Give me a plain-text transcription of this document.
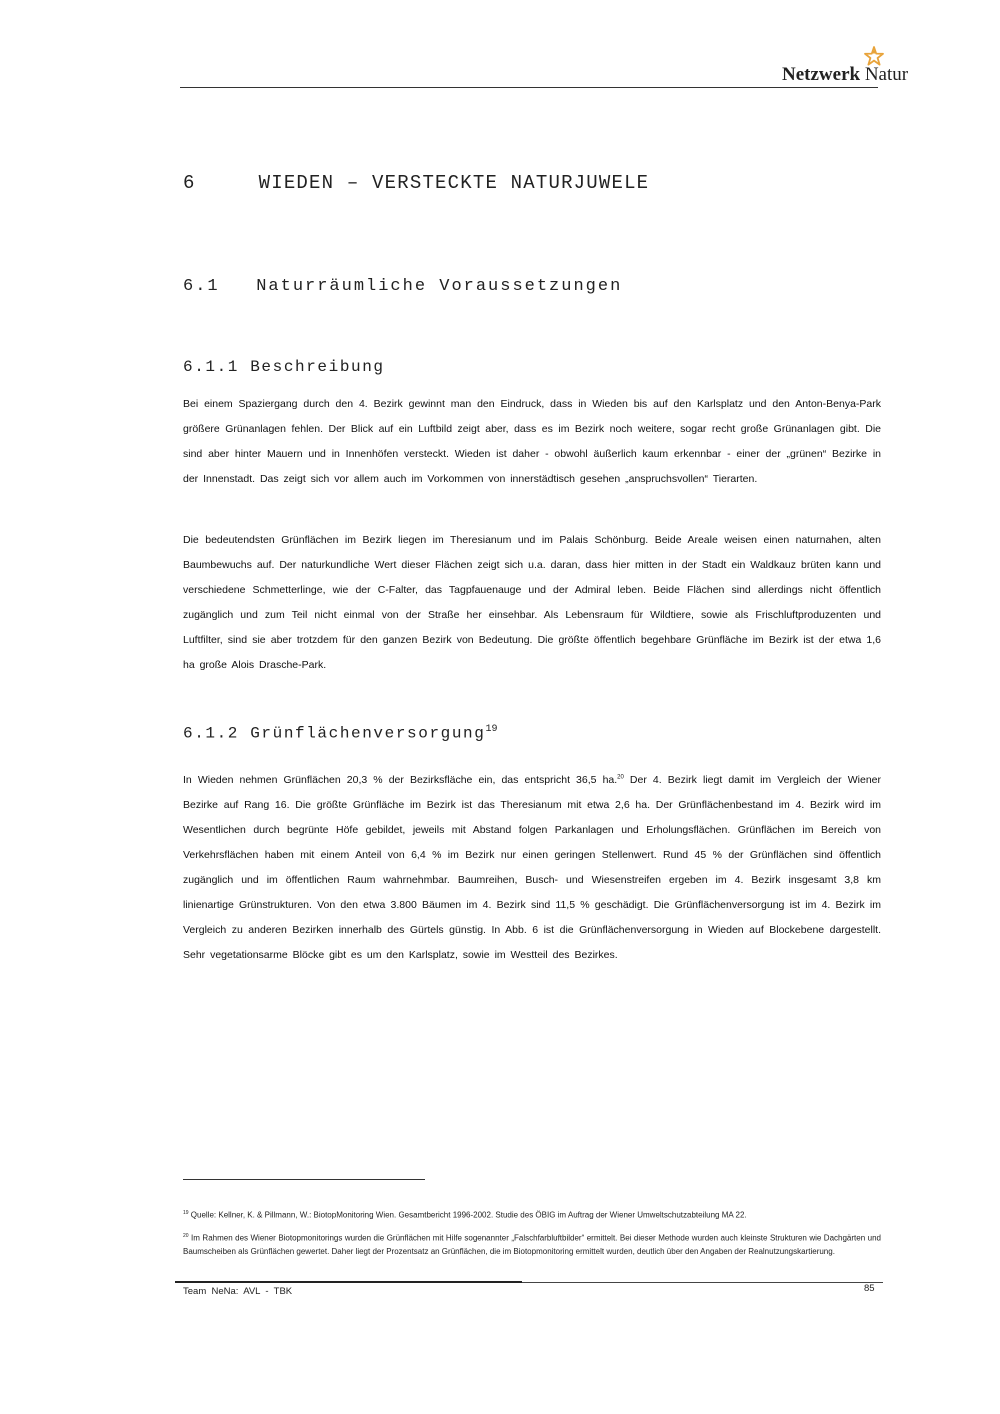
Netzwerk Natur
6	WIEDEN – VERSTECKTE NATURJUWELE
6.1 Naturräumliche Voraussetzungen
6.1.1 Beschreibung

Bei einem Spaziergang durch den 4. Bezirk gewinnt man den Eindruck, dass in Wieden bis auf den Karlsplatz und den Anton-Benya-Park größere Grünanlagen fehlen. Der Blick auf ein Luftbild zeigt aber, dass es im Bezirk noch weitere, sogar recht große Grünanlagen gibt. Die sind aber hinter Mauern und in Innenhöfen versteckt. Wieden ist daher - obwohl äußerlich kaum erkennbar - einer der „grünen“ Bezirke in der Innenstadt. Das zeigt sich vor allem auch im Vorkommen von innerstädtisch gesehen „anspruchsvollen“ Tierarten.

Die bedeutendsten Grünflächen im Bezirk liegen im Theresianum und im Palais Schönburg. Beide Areale weisen einen naturnahen, alten Baumbewuchs auf. Der naturkundliche Wert dieser Flächen zeigt sich u.a. daran, dass hier mitten in der Stadt ein Waldkauz brüten kann und verschiedene Schmetterlinge, wie der C-Falter, das Tagpfauenauge und der Admiral leben. Beide Flächen sind allerdings nicht öffentlich zugänglich und zum Teil nicht einmal von der Straße her einsehbar. Als Lebensraum für Wildtiere, sowie als Frischluftproduzenten und Luftfilter, sind sie aber trotzdem für den ganzen Bezirk von Bedeutung. Die größte öffentlich begehbare Grünfläche im Bezirk ist der etwa 1,6 ha große Alois Drasche-Park.

6.1.2 Grünflächenversorgung$^{19}$

In Wieden nehmen Grünflächen 20,3 % der Bezirksfläche ein, das entspricht 36,5 ha.$^{20}$ Der 4. Bezirk liegt damit im Vergleich der Wiener Bezirke auf Rang 16. Die größte Grünfläche im Bezirk ist das Theresianum mit etwa 2,6 ha. Der Grünflächenbestand im 4. Bezirk wird im Wesentlichen durch begrünte Höfe gebildet, jeweils mit Abstand folgen Parkanlagen und Erholungsflächen. Grünflächen im Bereich von Verkehrsflächen haben mit einem Anteil von 6,4 % im Bezirk nur einen geringen Stellenwert. Rund 45 % der Grünflächen sind öffentlich zugänglich und im öffentlichen Raum wahrnehmbar. Baumreihen, Busch- und Wiesenstreifen ergeben im 4. Bezirk insgesamt 3,8 km linienartige Grünstrukturen. Von den etwa 3.800 Bäumen im 4. Bezirk sind 11,5 % geschädigt. Die Grünflächenversorgung ist im 4. Bezirk im Vergleich zu anderen Bezirken innerhalb des Gürtels günstig. In Abb. 6 ist die Grünflächenversorgung in Wieden auf Blockebene dargestellt. Sehr vegetationsarme Blöcke gibt es um den Karlsplatz, sowie im Westteil des Bezirkes.

$^{19}$ Quelle: Kellner, K. & Pillmann, W.: BiotopMonitoring Wien. Gesamtbericht 1996-2002. Studie des ÖBIG im Auftrag der Wiener Umweltschutzabteilung MA 22.
$^{20}$ Im Rahmen des Wiener Biotopmonitorings wurden die Grünflächen mit Hilfe sogenannter „Falschfarbluftbilder“ ermittelt. Bei dieser Methode wurden auch kleinste Strukturen wie Dachgärten und Baumscheiben als Grünflächen gewertet. Daher liegt der Prozentsatz an Grünflächen, die im Biotopmonitoring ermittelt wurden, deutlich über den Angaben der Realnutzungskartierung.
Team  NeNa:  AVL  -  TBK	85
